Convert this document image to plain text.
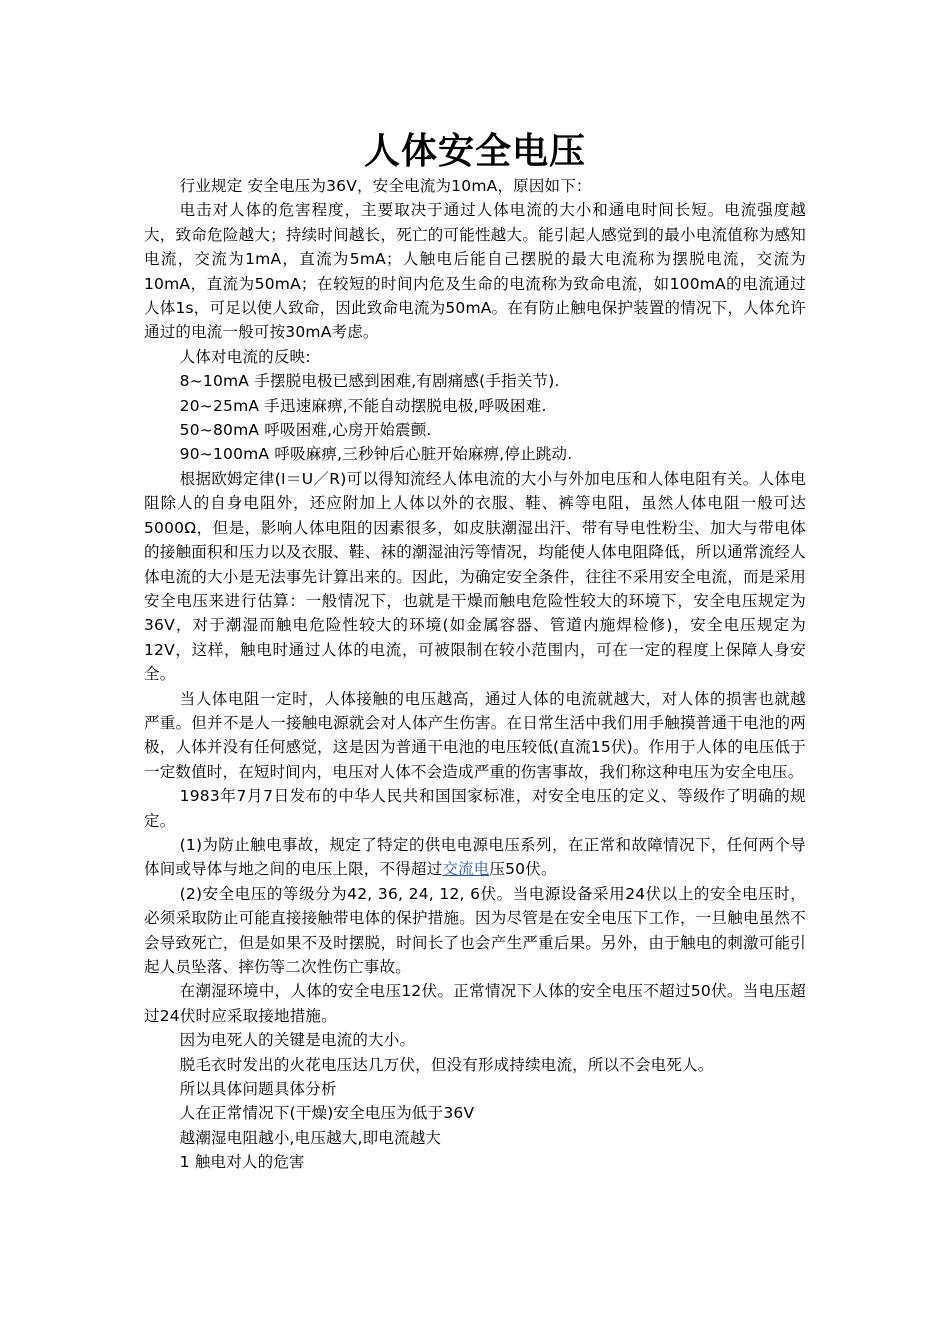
人体安全电压

行业规定 安全电压为36V，安全电流为10mA，原因如下：

电击对人体的危害程度，主要取决于通过人体电流的大小和通电时间长短。电流强度越大，致命危险越大；持续时间越长，死亡的可能性越大。能引起人感觉到的最小电流值称为感知电流，交流为1mA，直流为5mA；人触电后能自己摆脱的最大电流称为摆脱电流，交流为10mA，直流为50mA；在较短的时间内危及生命的电流称为致命电流，如100mA的电流通过人体1s，可足以使人致命，因此致命电流为50mA。在有防止触电保护装置的情况下，人体允许通过的电流一般可按30mA考虑。

人体对电流的反映:

8~10mA 手摆脱电极已感到困难,有剧痛感(手指关节).

20~25mA 手迅速麻痹,不能自动摆脱电极,呼吸困难.

50~80mA 呼吸困难,心房开始震颤.

90~100mA 呼吸麻痹,三秒钟后心脏开始麻痹,停止跳动.

根据欧姆定律(I＝U／R)可以得知流经人体电流的大小与外加电压和人体电阻有关。人体电阻除人的自身电阻外，还应附加上人体以外的衣服、鞋、裤等电阻，虽然人体电阻一般可达5000Ω，但是，影响人体电阻的因素很多，如皮肤潮湿出汗、带有导电性粉尘、加大与带电体的接触面积和压力以及衣服、鞋、袜的潮湿油污等情况，均能使人体电阻降低，所以通常流经人体电流的大小是无法事先计算出来的。因此，为确定安全条件，往往不采用安全电流，而是采用安全电压来进行估算：一般情况下，也就是干燥而触电危险性较大的环境下，安全电压规定为36V，对于潮湿而触电危险性较大的环境(如金属容器、管道内施焊检修)，安全电压规定为12V，这样，触电时通过人体的电流，可被限制在较小范围内，可在一定的程度上保障人身安全。

当人体电阻一定时，人体接触的电压越高，通过人体的电流就越大，对人体的损害也就越严重。但并不是人一接触电源就会对人体产生伤害。在日常生活中我们用手触摸普通干电池的两极，人体并没有任何感觉，这是因为普通干电池的电压较低(直流15伏)。作用于人体的电压低于一定数值时，在短时间内，电压对人体不会造成严重的伤害事故，我们称这种电压为安全电压。

1983年7月7日发布的中华人民共和国国家标准，对安全电压的定义、等级作了明确的规定。

(1)为防止触电事故，规定了特定的供电电源电压系列，在正常和故障情况下，任何两个导体间或导体与地之间的电压上限，不得超过交流电压50伏。

(2)安全电压的等级分为42, 36, 24, 12, 6伏。当电源设备采用24伏以上的安全电压时，必须采取防止可能直接接触带电体的保护措施。因为尽管是在安全电压下工作，一旦触电虽然不会导致死亡，但是如果不及时摆脱，时间长了也会产生严重后果。另外，由于触电的刺激可能引起人员坠落、摔伤等二次性伤亡事故。

在潮湿环境中，人体的安全电压12伏。正常情况下人体的安全电压不超过50伏。当电压超过24伏时应采取接地措施。

因为电死人的关键是电流的大小。

脱毛衣时发出的火花电压达几万伏，但没有形成持续电流，所以不会电死人。

所以具体问题具体分析

人在正常情况下(干燥)安全电压为低于36V

越潮湿电阻越小,电压越大,即电流越大

1 触电对人的危害
